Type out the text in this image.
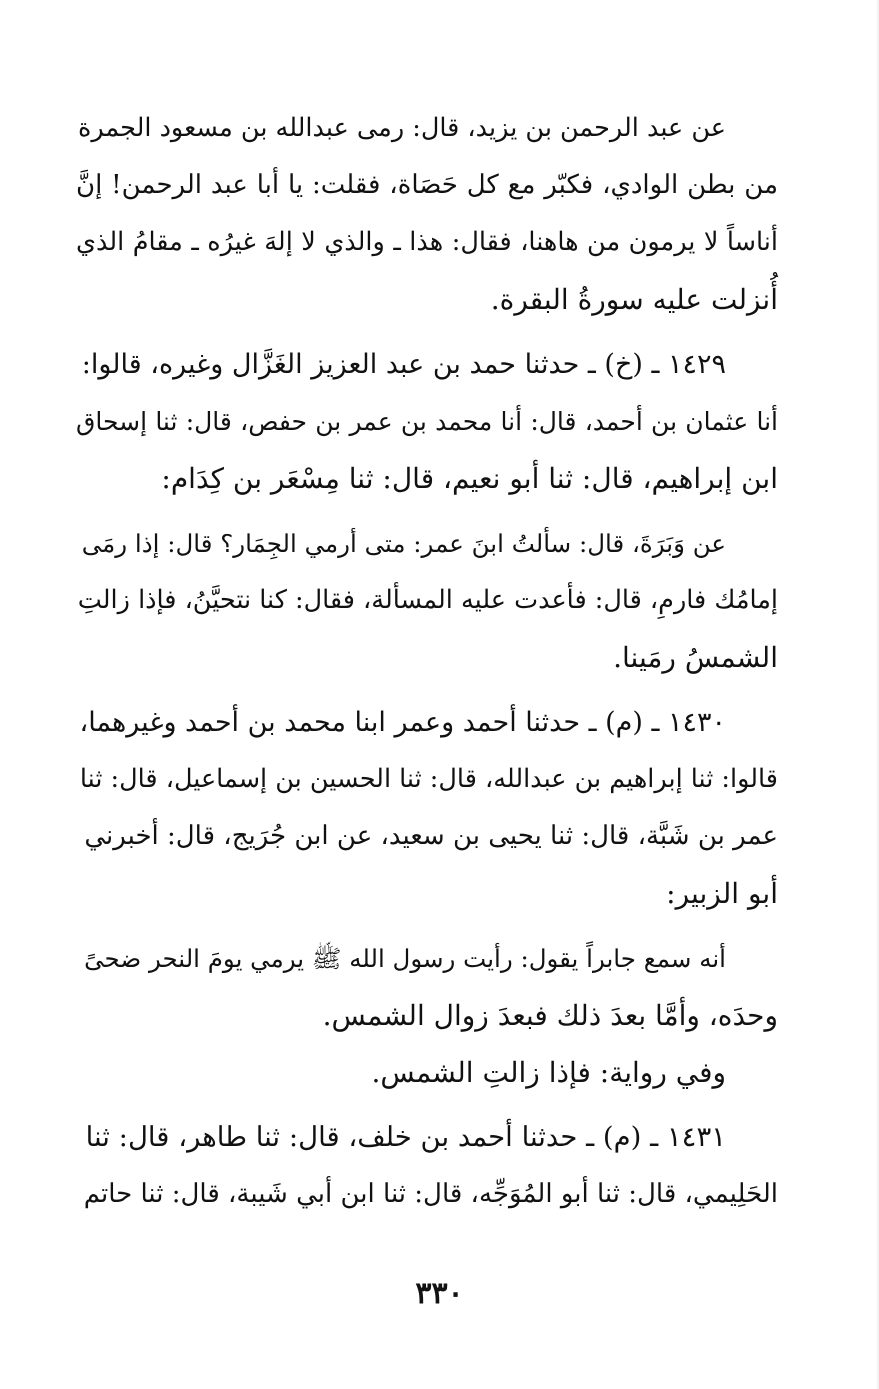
عن عبد الرحمن بن يزيد، قال: رمى عبدالله بن مسعود الجمرة
من بطن الوادي، فكبّر مع كل حَصَاة، فقلت: يا أبا عبد الرحمن! إنَّ
أناساً لا يرمون من هاهنا، فقال: هذا ـ والذي لا إلهَ غيرُه ـ مقامُ الذي
أُنزلت عليه سورةُ البقرة.
١٤٢٩ ـ (خ) ـ حدثنا حمد بن عبد العزيز الغَزَّال وغيره، قالوا:
أنا عثمان بن أحمد، قال: أنا محمد بن عمر بن حفص، قال: ثنا إسحاق
ابن إبراهيم، قال: ثنا أبو نعيم، قال: ثنا مِسْعَر بن كِدَام:
عن وَبَرَةَ، قال: سألتُ ابنَ عمر: متى أرمي الجِمَار؟ قال: إذا رمَى
إمامُك فارمِ، قال: فأعدت عليه المسألة، فقال: كنا نتحيَّنُ، فإذا زالتِ
الشمسُ رمَينا.
١٤٣٠ ـ (م) ـ حدثنا أحمد وعمر ابنا محمد بن أحمد وغيرهما،
قالوا: ثنا إبراهيم بن عبدالله، قال: ثنا الحسين بن إسماعيل، قال: ثنا
عمر بن شَبَّة، قال: ثنا يحيى بن سعيد، عن ابن جُرَيج، قال: أخبرني
أبو الزبير:
أنه سمع جابراً يقول: رأيت رسول الله ﷺ يرمي يومَ النحر ضحىً
وحدَه، وأمَّا بعدَ ذلك فبعدَ زوال الشمس.
وفي رواية: فإذا زالتِ الشمس.
١٤٣١ ـ (م) ـ حدثنا أحمد بن خلف، قال: ثنا طاهر، قال: ثنا
الحَلِيمي، قال: ثنا أبو المُوَجِّه، قال: ثنا ابن أبي شَيبة، قال: ثنا حاتم
٣٣٠
